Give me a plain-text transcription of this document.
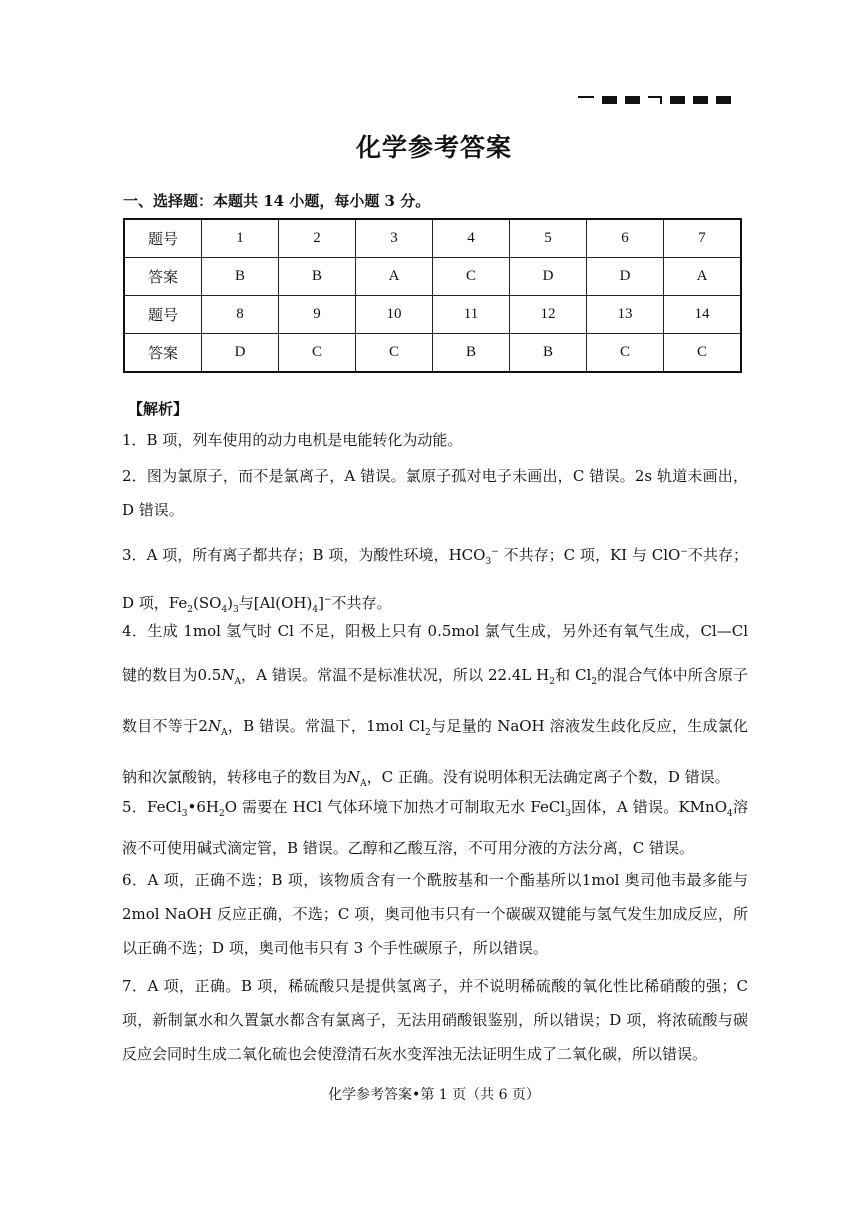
化学参考答案
一、选择题：本题共 14 小题，每小题 3 分。
题号	1	2	3	4	5	6	7
答案	B	B	A	C	D	D	A
题号	8	9	10	11	12	13	14
答案	D	C	C	B	B	C	C
【解析】
1．B 项，列车使用的动力电机是电能转化为动能。
2．图为氯原子，而不是氯离子，A 错误。氯原子孤对电子未画出，C 错误。2s 轨道未画出，D 错误。
3．A 项，所有离子都共存；B 项，为酸性环境，$HCO_3^-$ 不共存；C 项，KI 与 ClO−不共存；D 项，$Fe_2(SO_4)_3$与$[Al(OH)_4]^-$不共存。
4．生成 1mol 氢气时 Cl 不足，阳极上只有 0.5mol 氯气生成，另外还有氧气生成，Cl—Cl 键的数目为$0.5N_A$，A 错误。常温不是标准状况，所以 22.4L $H_2$和 $Cl_2$的混合气体中所含原子数目不等于$2N_A$，B 错误。常温下，1mol $Cl_2$与足量的 NaOH 溶液发生歧化反应，生成氯化钠和次氯酸钠，转移电子的数目为$N_A$，C 正确。没有说明体积无法确定离子个数，D 错误。
5．$FeCl_3•6H_2O$ 需要在 HCl 气体环境下加热才可制取无水 FeCl$_3$固体，A 错误。KMnO$_4$溶液不可使用碱式滴定管，B 错误。乙醇和乙酸互溶，不可用分液的方法分离，C 错误。
6．A 项，正确不选；B 项，该物质含有一个酰胺基和一个酯基所以1mol 奥司他韦最多能与 2mol NaOH 反应正确，不选；C 项，奥司他韦只有一个碳碳双键能与氢气发生加成反应，所以正确不选；D 项，奥司他韦只有 3 个手性碳原子，所以错误。
7．A 项，正确。B 项，稀硫酸只是提供氢离子，并不说明稀硫酸的氧化性比稀硝酸的强；C 项，新制氯水和久置氯水都含有氯离子，无法用硝酸银鉴别，所以错误；D 项，将浓硫酸与碳反应会同时生成二氧化硫也会使澄清石灰水变浑浊无法证明生成了二氧化碳，所以错误。
化学参考答案•第 1 页（共 6 页）
